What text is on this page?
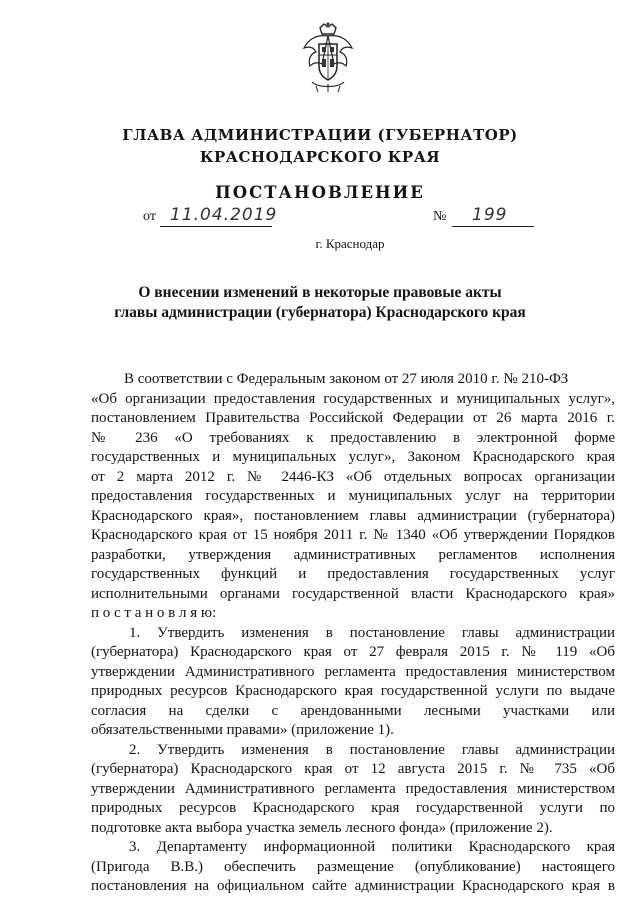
ГЛАВА АДМИНИСТРАЦИИ (ГУБЕРНАТОР)
КРАСНОДАРСКОГО КРАЯ
ПОСТАНОВЛЕНИЕ
от 11.04.2019	№ 199
г. Краснодар
О внесении изменений в некоторые правовые акты
главы администрации (губернатора) Краснодарского края
В соответствии с Федеральным законом от 27 июля 2010 г. № 210-ФЗ
«Об организации предоставления государственных и муниципальных услуг»,
постановлением Правительства Российской Федерации от 26 марта 2016 г.
№ 236 «О требованиях к предоставлению в электронной форме
государственных и муниципальных услуг», Законом Краснодарского края
от 2 марта 2012 г. № 2446-КЗ «Об отдельных вопросах организации
предоставления государственных и муниципальных услуг на территории
Краснодарского края», постановлением главы администрации (губернатора)
Краснодарского края от 15 ноября 2011 г. № 1340 «Об утверждении Порядков
разработки, утверждения административных регламентов исполнения
государственных функций и предоставления государственных услуг
исполнительными органами государственной власти Краснодарского края»
п о с т а н о в л я ю:
1. Утвердить изменения в постановление главы администрации
(губернатора) Краснодарского края от 27 февраля 2015 г. № 119 «Об
утверждении Административного регламента предоставления министерством
природных ресурсов Краснодарского края государственной услуги по выдаче
согласия на сделки с арендованными лесными участками или
обязательственными правами» (приложение 1).
2. Утвердить изменения в постановление главы администрации
(губернатора) Краснодарского края от 12 августа 2015 г. № 735 «Об
утверждении Административного регламента предоставления министерством
природных ресурсов Краснодарского края государственной услуги по
подготовке акта выбора участка земель лесного фонда» (приложение 2).
3. Департаменту информационной политики Краснодарского края
(Пригода В.В.) обеспечить размещение (опубликование) настоящего
постановления на официальном сайте администрации Краснодарского края в
